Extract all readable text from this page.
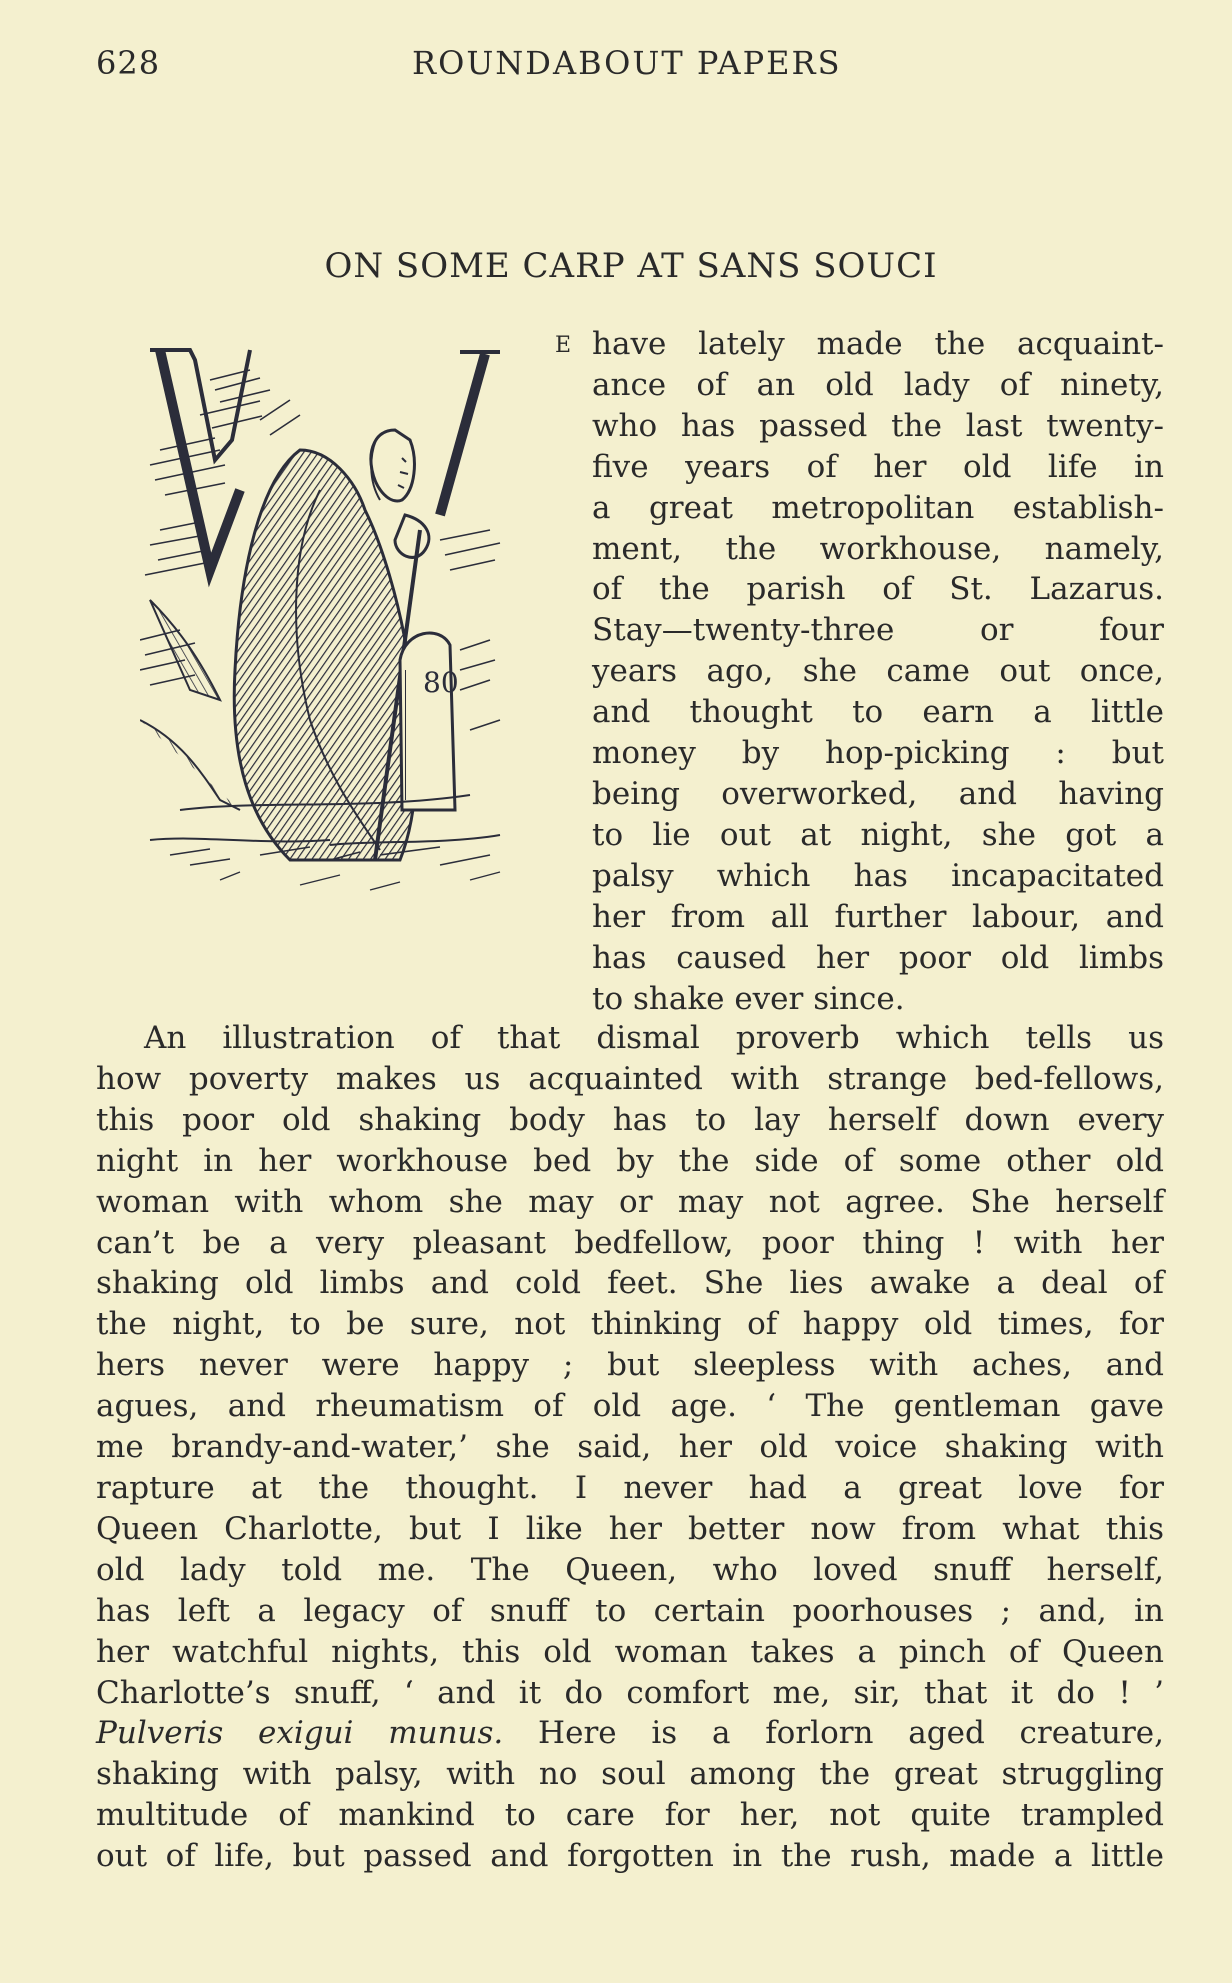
628	ROUNDABOUT PAPERS
ON SOME CARP AT SANS SOUCI
80
E have lately made the acquaint-
ance of an old lady of ninety,
who has passed the last twenty-
five years of her old life in
a great metropolitan establish-
ment, the workhouse, namely,
of the parish of St. Lazarus.
Stay—twenty-three or four
years ago, she came out once,
and thought to earn a little
money by hop-picking : but
being overworked, and having
to lie out at night, she got a
palsy which has incapacitated
her from all further labour, and
has caused her poor old limbs
to shake ever since.
An illustration of that dismal proverb which tells us
how poverty makes us acquainted with strange bed-fellows,
this poor old shaking body has to lay herself down every
night in her workhouse bed by the side of some other old
woman with whom she may or may not agree. She herself
can’t be a very pleasant bedfellow, poor thing ! with her
shaking old limbs and cold feet. She lies awake a deal of
the night, to be sure, not thinking of happy old times, for
hers never were happy ; but sleepless with aches, and
agues, and rheumatism of old age. ‘ The gentleman gave
me brandy-and-water,’ she said, her old voice shaking with
rapture at the thought. I never had a great love for
Queen Charlotte, but I like her better now from what this
old lady told me. The Queen, who loved snuff herself,
has left a legacy of snuff to certain poorhouses ; and, in
her watchful nights, this old woman takes a pinch of Queen
Charlotte’s snuff, ‘ and it do comfort me, sir, that it do ! ’
Pulveris exigui munus. Here is a forlorn aged creature,
shaking with palsy, with no soul among the great struggling
multitude of mankind to care for her, not quite trampled
out of life, but passed and forgotten in the rush, made a little
